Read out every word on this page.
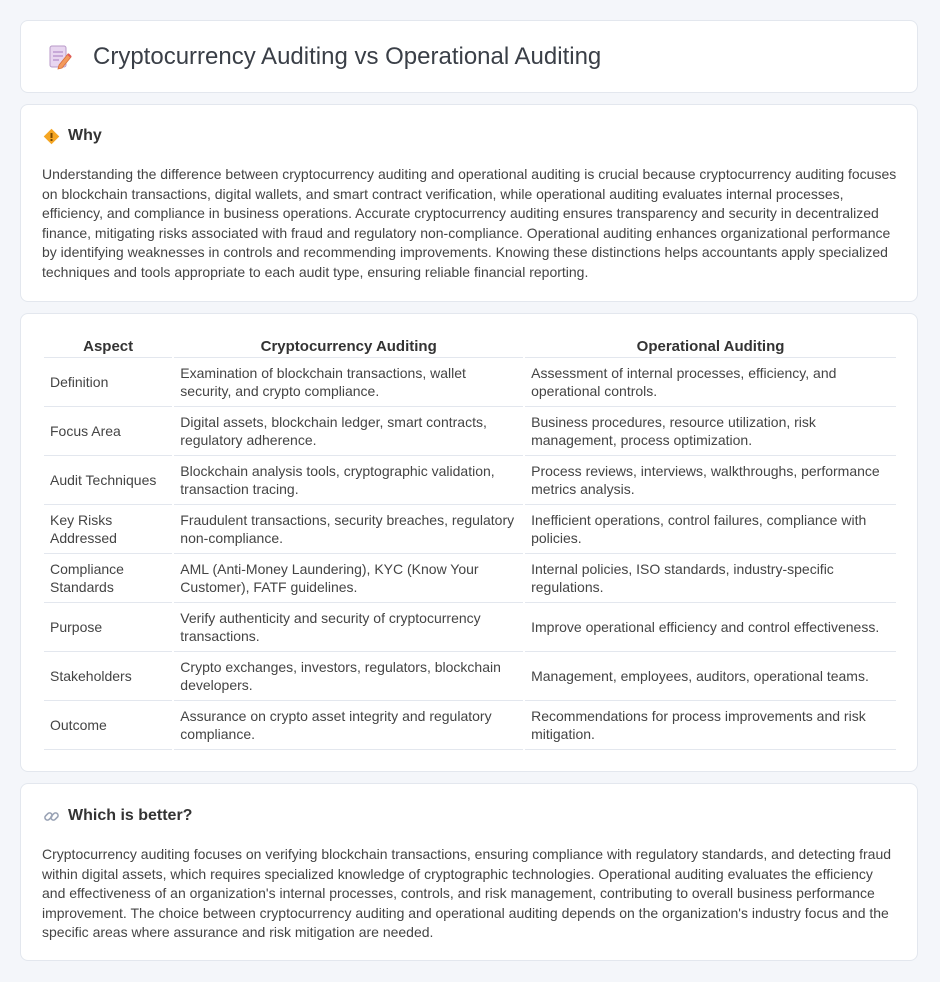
Cryptocurrency Auditing vs Operational Auditing
Why

Understanding the difference between cryptocurrency auditing and operational auditing is crucial because cryptocurrency auditing focuses on blockchain transactions, digital wallets, and smart contract verification, while operational auditing evaluates internal processes, efficiency, and compliance in business operations. Accurate cryptocurrency auditing ensures transparency and security in decentralized finance, mitigating risks associated with fraud and regulatory non-compliance. Operational auditing enhances organizational performance by identifying weaknesses in controls and recommending improvements. Knowing these distinctions helps accountants apply specialized techniques and tools appropriate to each audit type, ensuring reliable financial reporting.

Aspect	Cryptocurrency Auditing	Operational Auditing
Definition	Examination of blockchain transactions, wallet security, and crypto compliance.	Assessment of internal processes, efficiency, and operational controls.
Focus Area	Digital assets, blockchain ledger, smart contracts, regulatory adherence.	Business procedures, resource utilization, risk management, process optimization.
Audit Techniques	Blockchain analysis tools, cryptographic validation, transaction tracing.	Process reviews, interviews, walkthroughs, performance metrics analysis.
Key Risks Addressed	Fraudulent transactions, security breaches, regulatory non-compliance.	Inefficient operations, control failures, compliance with policies.
Compliance Standards	AML (Anti-Money Laundering), KYC (Know Your Customer), FATF guidelines.	Internal policies, ISO standards, industry-specific regulations.
Purpose	Verify authenticity and security of cryptocurrency transactions.	Improve operational efficiency and control effectiveness.
Stakeholders	Crypto exchanges, investors, regulators, blockchain developers.	Management, employees, auditors, operational teams.
Outcome	Assurance on crypto asset integrity and regulatory compliance.	Recommendations for process improvements and risk mitigation.
Which is better?

Cryptocurrency auditing focuses on verifying blockchain transactions, ensuring compliance with regulatory standards, and detecting fraud within digital assets, which requires specialized knowledge of cryptographic technologies. Operational auditing evaluates the efficiency and effectiveness of an organization's internal processes, controls, and risk management, contributing to overall business performance improvement. The choice between cryptocurrency auditing and operational auditing depends on the organization's industry focus and the specific areas where assurance and risk mitigation are needed.
